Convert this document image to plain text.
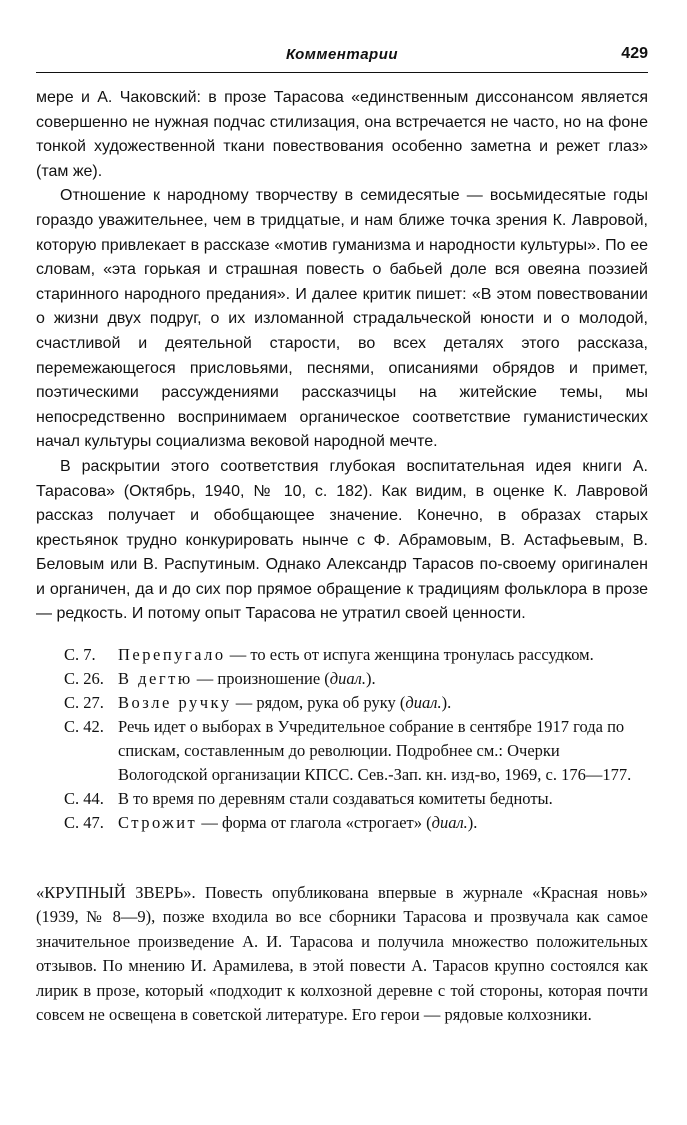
Комментарии	429

мере и А. Чаковский: в прозе Тарасова «единственным диссонансом является совершенно не нужная подчас стилизация, она встречается не часто, но на фоне тонкой художественной ткани повествования особенно заметна и режет глаз» (там же).

Отношение к народному творчеству в семидесятые — восьмидесятые годы гораздо уважительнее, чем в тридцатые, и нам ближе точка зрения К. Лавровой, которую привлекает в рассказе «мотив гуманизма и народности культуры». По ее словам, «эта горькая и страшная повесть о бабьей доле вся овеяна поэзией старинного народного предания». И далее критик пишет: «В этом повествовании о жизни двух подруг, о их изломанной страдальческой юности и о молодой, счастливой и деятельной старости, во всех деталях этого рассказа, перемежающегося присловьями, песнями, описаниями обрядов и примет, поэтическими рассуждениями рассказчицы на житейские темы, мы непосредственно воспринимаем органическое соответствие гуманистических начал культуры социализма вековой народной мечте.

В раскрытии этого соответствия глубокая воспитательная идея книги А. Тарасова» (Октябрь, 1940, № 10, с. 182). Как видим, в оценке К. Лавровой рассказ получает и обобщающее значение. Конечно, в образах старых крестьянок трудно конкурировать нынче с Ф. Абрамовым, В. Астафьевым, В. Беловым или В. Распутиным. Однако Александр Тарасов по-своему оригинален и органичен, да и до сих пор прямое обращение к традициям фольклора в прозе — редкость. И потому опыт Тарасова не утратил своей ценности.

С. 7. Перепугало — то есть от испуга женщина тронулась рассудком.
С. 26. В дегтю — произношение (диал.).
С. 27. Возле ручку — рядом, рука об руку (диал.).
С. 42. Речь идет о выборах в Учредительное собрание в сентябре 1917 года по спискам, составленным до революции. Подробнее см.: Очерки Вологодской организации КПСС. Сев.-Зап. кн. изд-во, 1969, с. 176—177.
С. 44. В то время по деревням стали создаваться комитеты бедноты.
С. 47. Строжит — форма от глагола «строгает» (диал.).

«КРУПНЫЙ ЗВЕРЬ». Повесть опубликована впервые в журнале «Красная новь» (1939, № 8—9), позже входила во все сборники Тарасова и прозвучала как самое значительное произведение А. И. Тарасова и получила множество положительных отзывов. По мнению И. Арамилева, в этой повести А. Тарасов крупно состоялся как лирик в прозе, который «подходит к колхозной деревне с той стороны, которая почти совсем не освещена в советской литературе. Его герои — рядовые колхозники.
